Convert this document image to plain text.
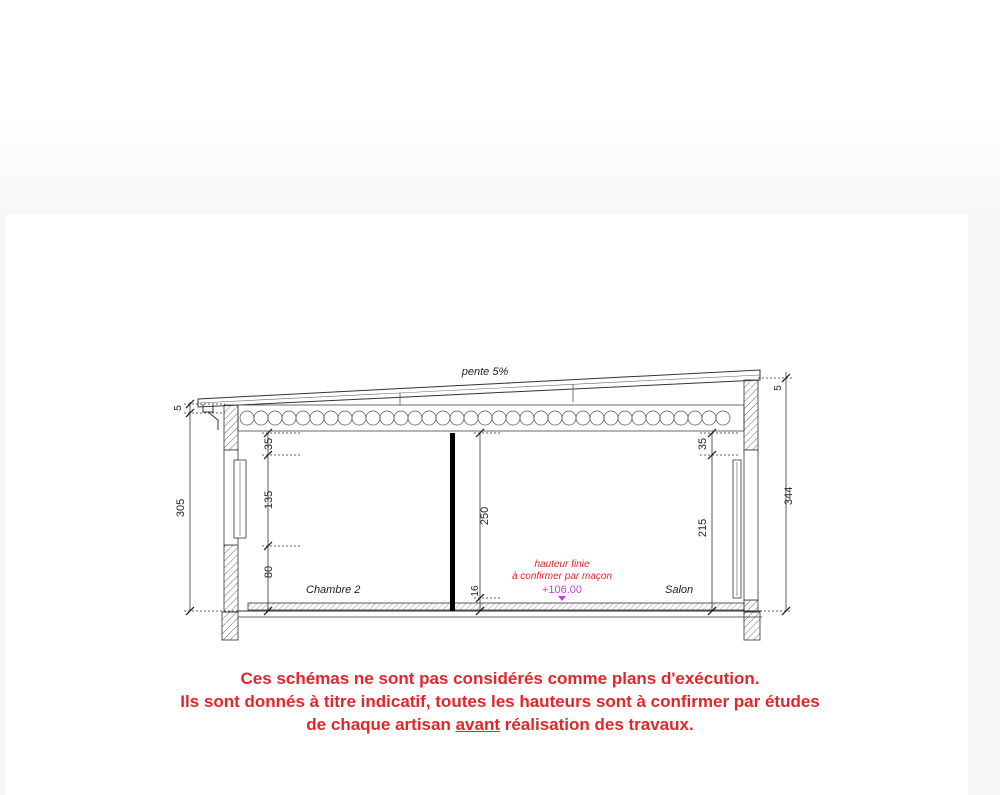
5
305
35
135
80
250
16
35
215
5
344
pente 5%
Chambre 2	Salon
hauteur finie
à confirmer par maçon
+106.00
Ces schémas ne sont pas considérés comme plans d'exécution.
Ils sont donnés à titre indicatif, toutes les hauteurs sont à confirmer par études
de chaque artisan avant réalisation des travaux.
